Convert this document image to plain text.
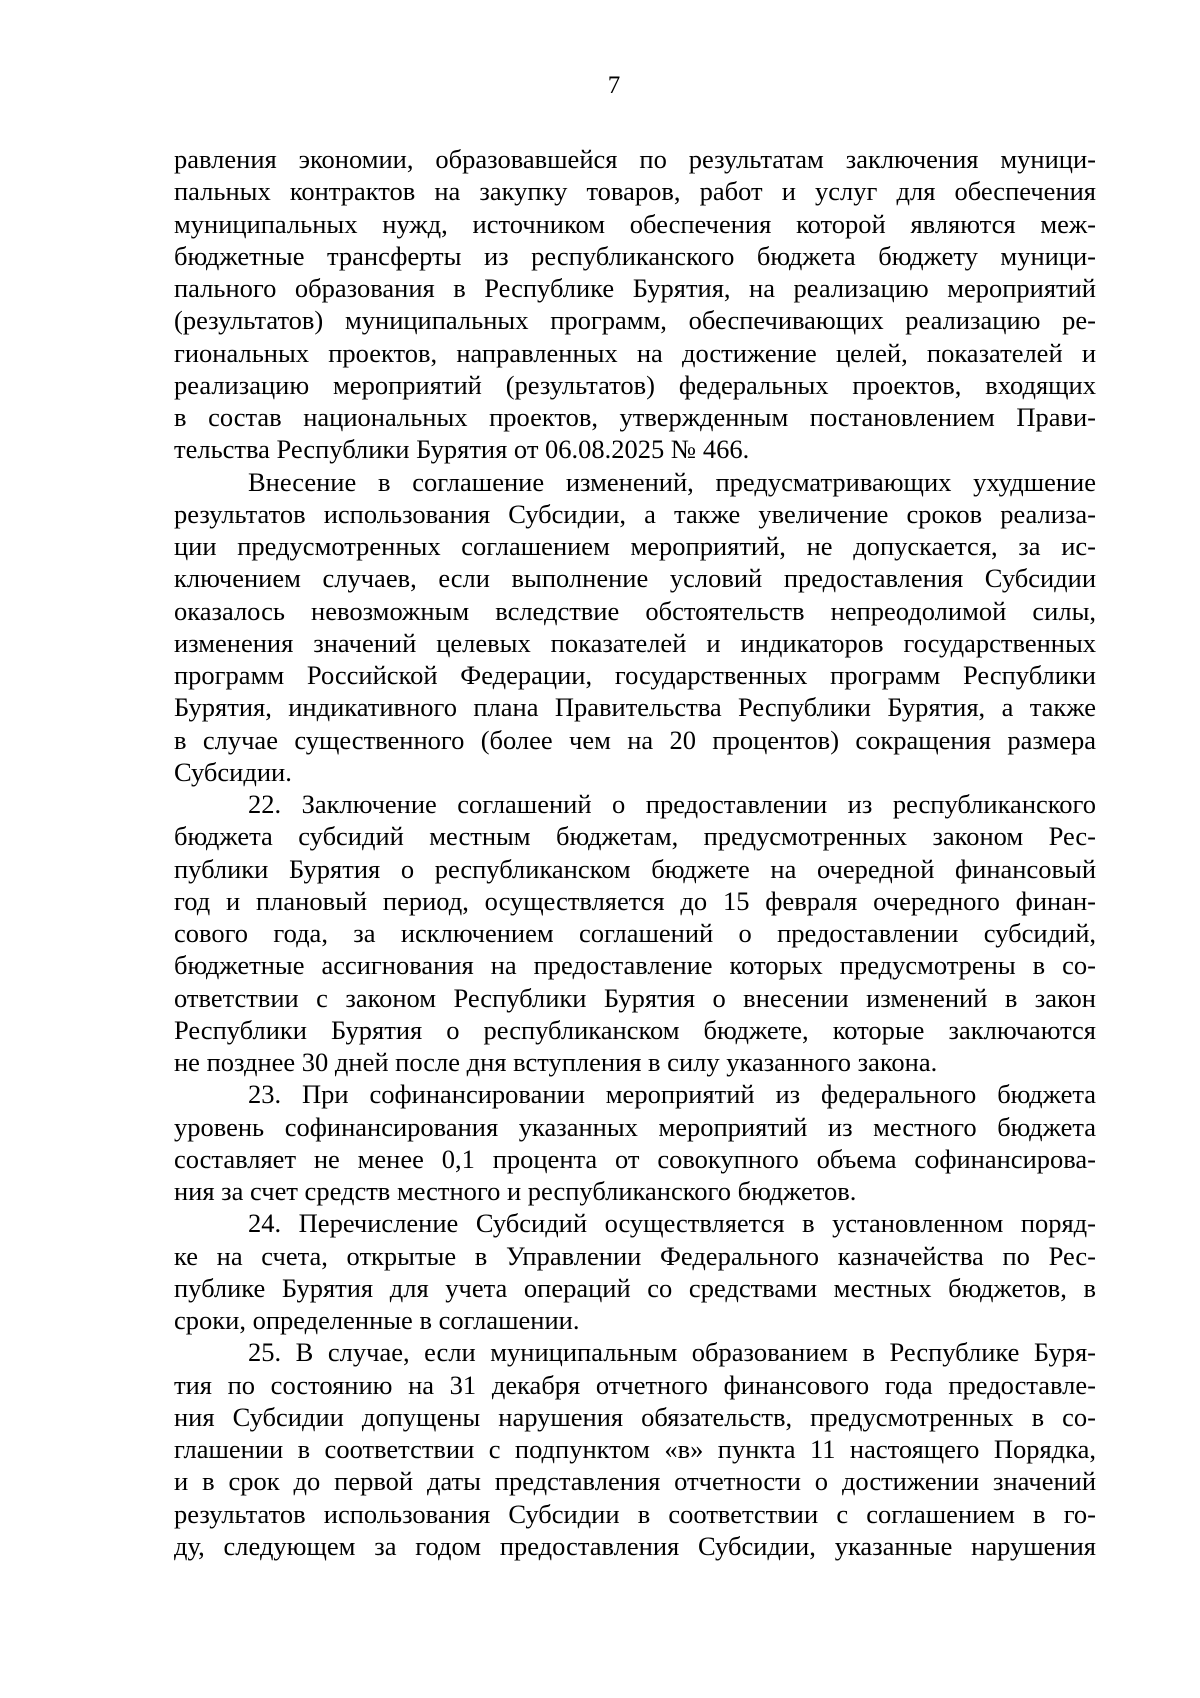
7
равления экономии, образовавшейся по результатам заключения муници-
пальных контрактов на закупку товаров, работ и услуг для обеспечения
муниципальных нужд, источником обеспечения которой являются меж-
бюджетные трансферты из республиканского бюджета бюджету муници-
пального образования в Республике Бурятия, на реализацию мероприятий
(результатов) муниципальных программ, обеспечивающих реализацию ре-
гиональных проектов, направленных на достижение целей, показателей и
реализацию мероприятий (результатов) федеральных проектов, входящих
в состав национальных проектов, утвержденным постановлением Прави-
тельства Республики Бурятия от 06.08.2025 № 466.
Внесение в соглашение изменений, предусматривающих ухудшение
результатов использования Субсидии, а также увеличение сроков реализа-
ции предусмотренных соглашением мероприятий, не допускается, за ис-
ключением случаев, если выполнение условий предоставления Субсидии
оказалось невозможным вследствие обстоятельств непреодолимой силы,
изменения значений целевых показателей и индикаторов государственных
программ Российской Федерации, государственных программ Республики
Бурятия, индикативного плана Правительства Республики Бурятия, а также
в случае существенного (более чем на 20 процентов) сокращения размера
Субсидии.
22. Заключение соглашений о предоставлении из республиканского
бюджета субсидий местным бюджетам, предусмотренных законом Рес-
публики Бурятия о республиканском бюджете на очередной финансовый
год и плановый период, осуществляется до 15 февраля очередного финан-
сового года, за исключением соглашений о предоставлении субсидий,
бюджетные ассигнования на предоставление которых предусмотрены в со-
ответствии с законом Республики Бурятия о внесении изменений в закон
Республики Бурятия о республиканском бюджете, которые заключаются
не позднее 30 дней после дня вступления в силу указанного закона.
23. При софинансировании мероприятий из федерального бюджета
уровень софинансирования указанных мероприятий из местного бюджета
составляет не менее 0,1 процента от совокупного объема софинансирова-
ния за счет средств местного и республиканского бюджетов.
24. Перечисление Субсидий осуществляется в установленном поряд-
ке на счета, открытые в Управлении Федерального казначейства по Рес-
публике Бурятия для учета операций со средствами местных бюджетов, в
сроки, определенные в соглашении.
25. В случае, если муниципальным образованием в Республике Буря-
тия по состоянию на 31 декабря отчетного финансового года предоставле-
ния Субсидии допущены нарушения обязательств, предусмотренных в со-
глашении в соответствии с подпунктом «в» пункта 11 настоящего Порядка,
и в срок до первой даты представления отчетности о достижении значений
результатов использования Субсидии в соответствии с соглашением в го-
ду, следующем за годом предоставления Субсидии, указанные нарушения
